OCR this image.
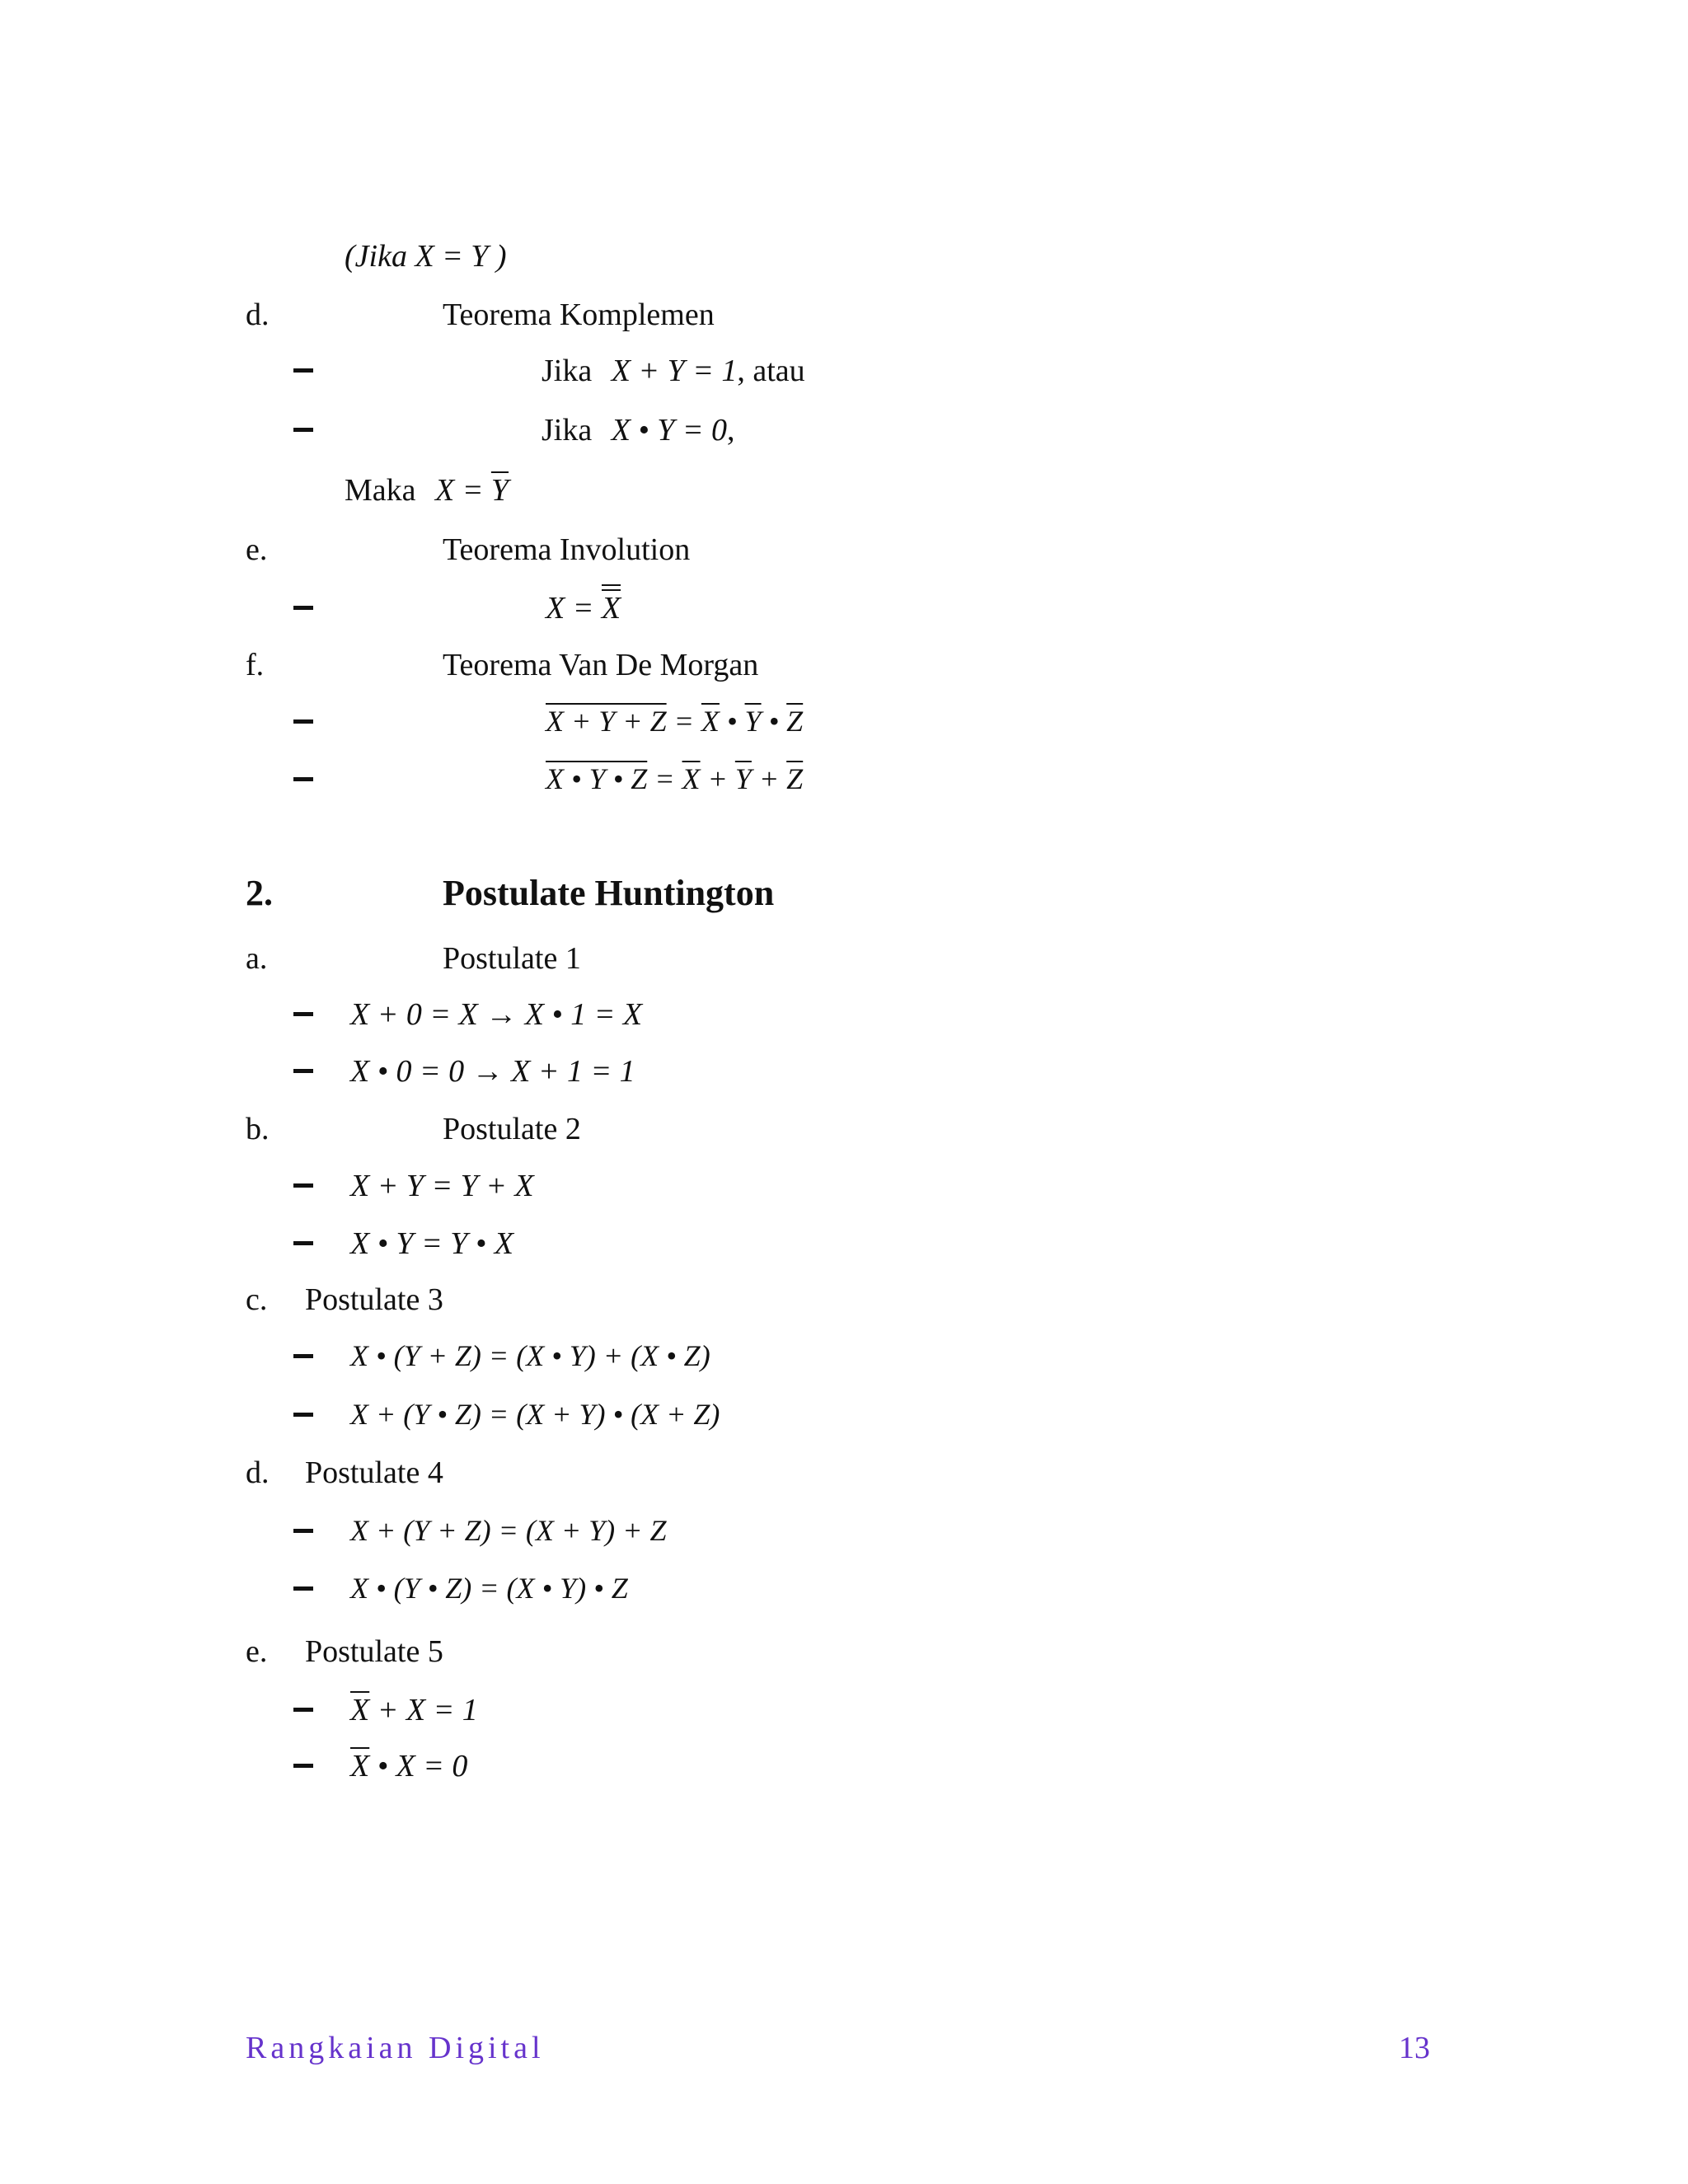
(Jika X = Y )
d.	Teorema Komplemen
Jika X + Y = 1, atau
Jika X • Y = 0,
Maka $X = \overline{Y}$
e.	Teorema Involution
X = X
f.	Teorema Van De Morgan
$X + Y + Z = \overline{X}$ • $\overline{Y}$ • $\overline{Z}$
X • Y • $Z = \overline{X} + \overline{Y} + \overline{Z}$
2.	Postulate Huntington
a.	Postulate 1
X + 0 = X → X • 1 = X
X • 0 = 0 → X + 1 = 1
b.	Postulate 2
X + Y = Y + X
X • Y = Y • X
c. Postulate 3
X • (Y + Z) = (X • Y) + (X • Z)
X + (Y • Z) = (X + Y) • (X + Z)
d. Postulate 4
X + (Y + Z) = (X + Y) + Z
X • (Y • Z) = (X • Y) • Z
e. Postulate 5
$\overline{X} + X = 1$
$\overline{X}$ • X = 0
Rangkaian Digital	13
